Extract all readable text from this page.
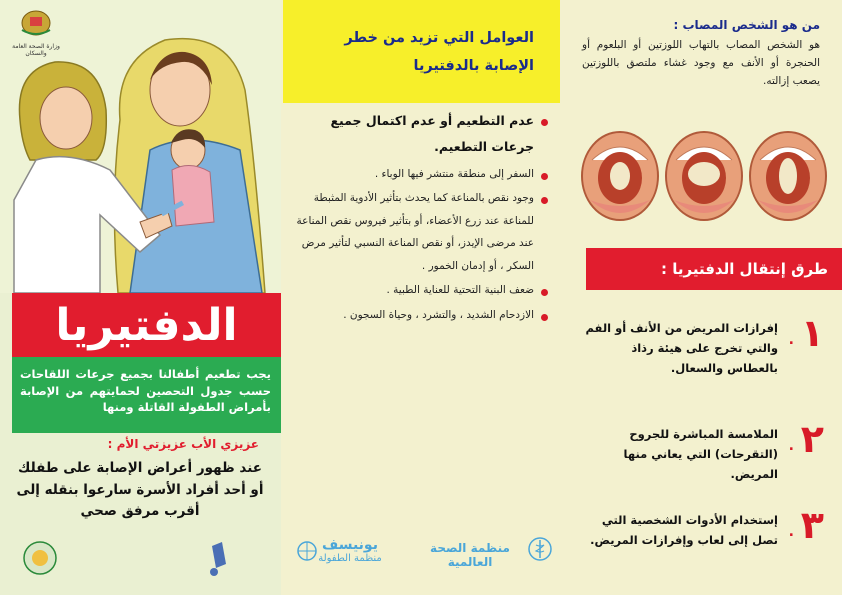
وزارة الصحة العامة والسكان
الدفتيريا
يجب تطعيم أطفالنا بجميع جرعات اللقاحات حسب جدول التحصين لحمايتهم من الإصابة بأمراض الطفولة القاتلة ومنها
عزيزي الأب عزيزتي الأم :
عند ظهور أعراض الإصابة على طفلك أو أحد أفراد الأسرة سارعوا بنقله إلى أقرب مرفق صحي
العوامل التي تزيد من خطر
الإصابة بالدفتيريا
عدم التطعيم أو عدم اكتمال جميع جرعات التطعيم.
السفر إلى منطقة منتشر فيها الوباء .
وجود نقص بالمناعة كما يحدث بتأثير الأدوية المثبطة للمناعة عند زرع الأعضاء، أو بتأثير فيروس نقص المناعة عند مرضى الإيدز، أو نقص المناعة النسبي لتأثير مرض السكر ، أو إدمان الخمور .
ضعف البنية التحتية للعناية الطبية .
الازدحام الشديد ، والتشرد ، وحياة السجون .
يونيسف
منظمة الطفولة
منظمة الصحة العالمية
من هو الشخص المصاب :
هو الشخص المصاب بالتهاب اللوزتين أو البلعوم أو الحنجرة أو الأنف مع وجود غشاء ملتصق باللوزتين يصعب إزالته.
طرق إنتقال الدفتيريا :
١
.
إفرازات المريض من الأنف أو الفم والتي تخرج على هيئة رذاذ بالعطاس والسعال.
٢
.
الملامسة المباشرة للجروح (التقرحات) التي يعاني منها المريض.
٣
.
إستخدام الأدوات الشخصية التي تصل إلى لعاب وإفرازات المريض.
